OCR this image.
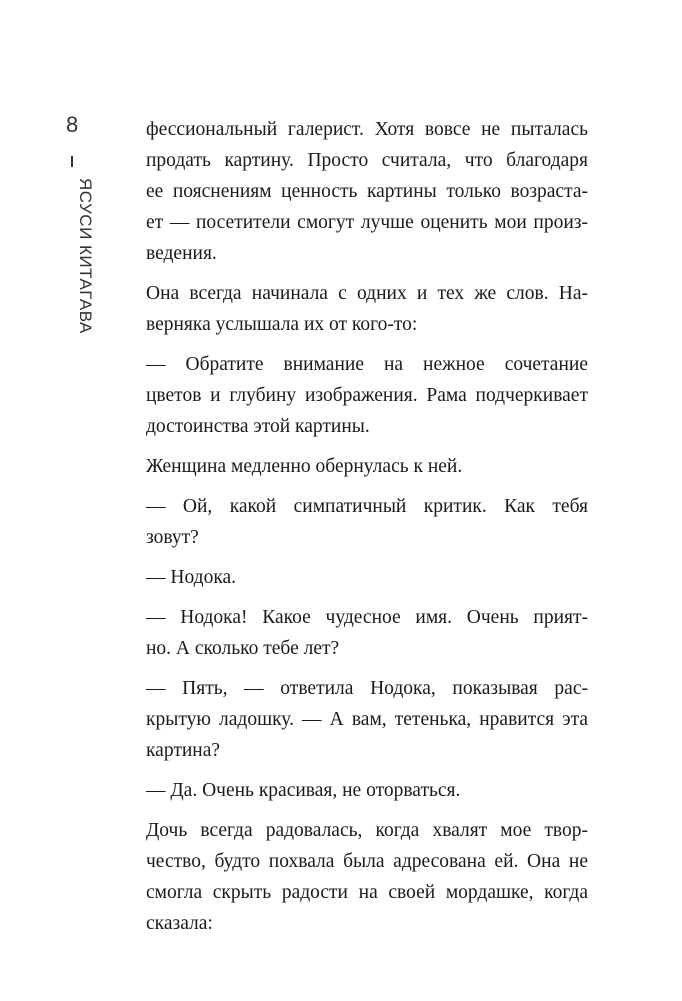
8
ЯСУСИ КИТАГАВА

фессиональный галерист. Хотя вовсе не пыталась
продать картину. Просто считала, что благодаря
ее пояснениям ценность картины только возраста-
ет — посетители смогут лучше оценить мои произ-
ведения.

Она всегда начинала с одних и тех же слов. На-
верняка услышала их от кого-то:

— Обратите внимание на нежное сочетание
цветов и глубину изображения. Рама подчеркивает
достоинства этой картины.

Женщина медленно обернулась к ней.

— Ой, какой симпатичный критик. Как тебя
зовут?

— Нодока.

— Нодока! Какое чудесное имя. Очень прият-
но. А сколько тебе лет?

— Пять, — ответила Нодока, показывая рас-
крытую ладошку. — А вам, тетенька, нравится эта
картина?

— Да. Очень красивая, не оторваться.

Дочь всегда радовалась, когда хвалят мое твор-
чество, будто похвала была адресована ей. Она не
смогла скрыть радости на своей мордашке, когда
сказала:
